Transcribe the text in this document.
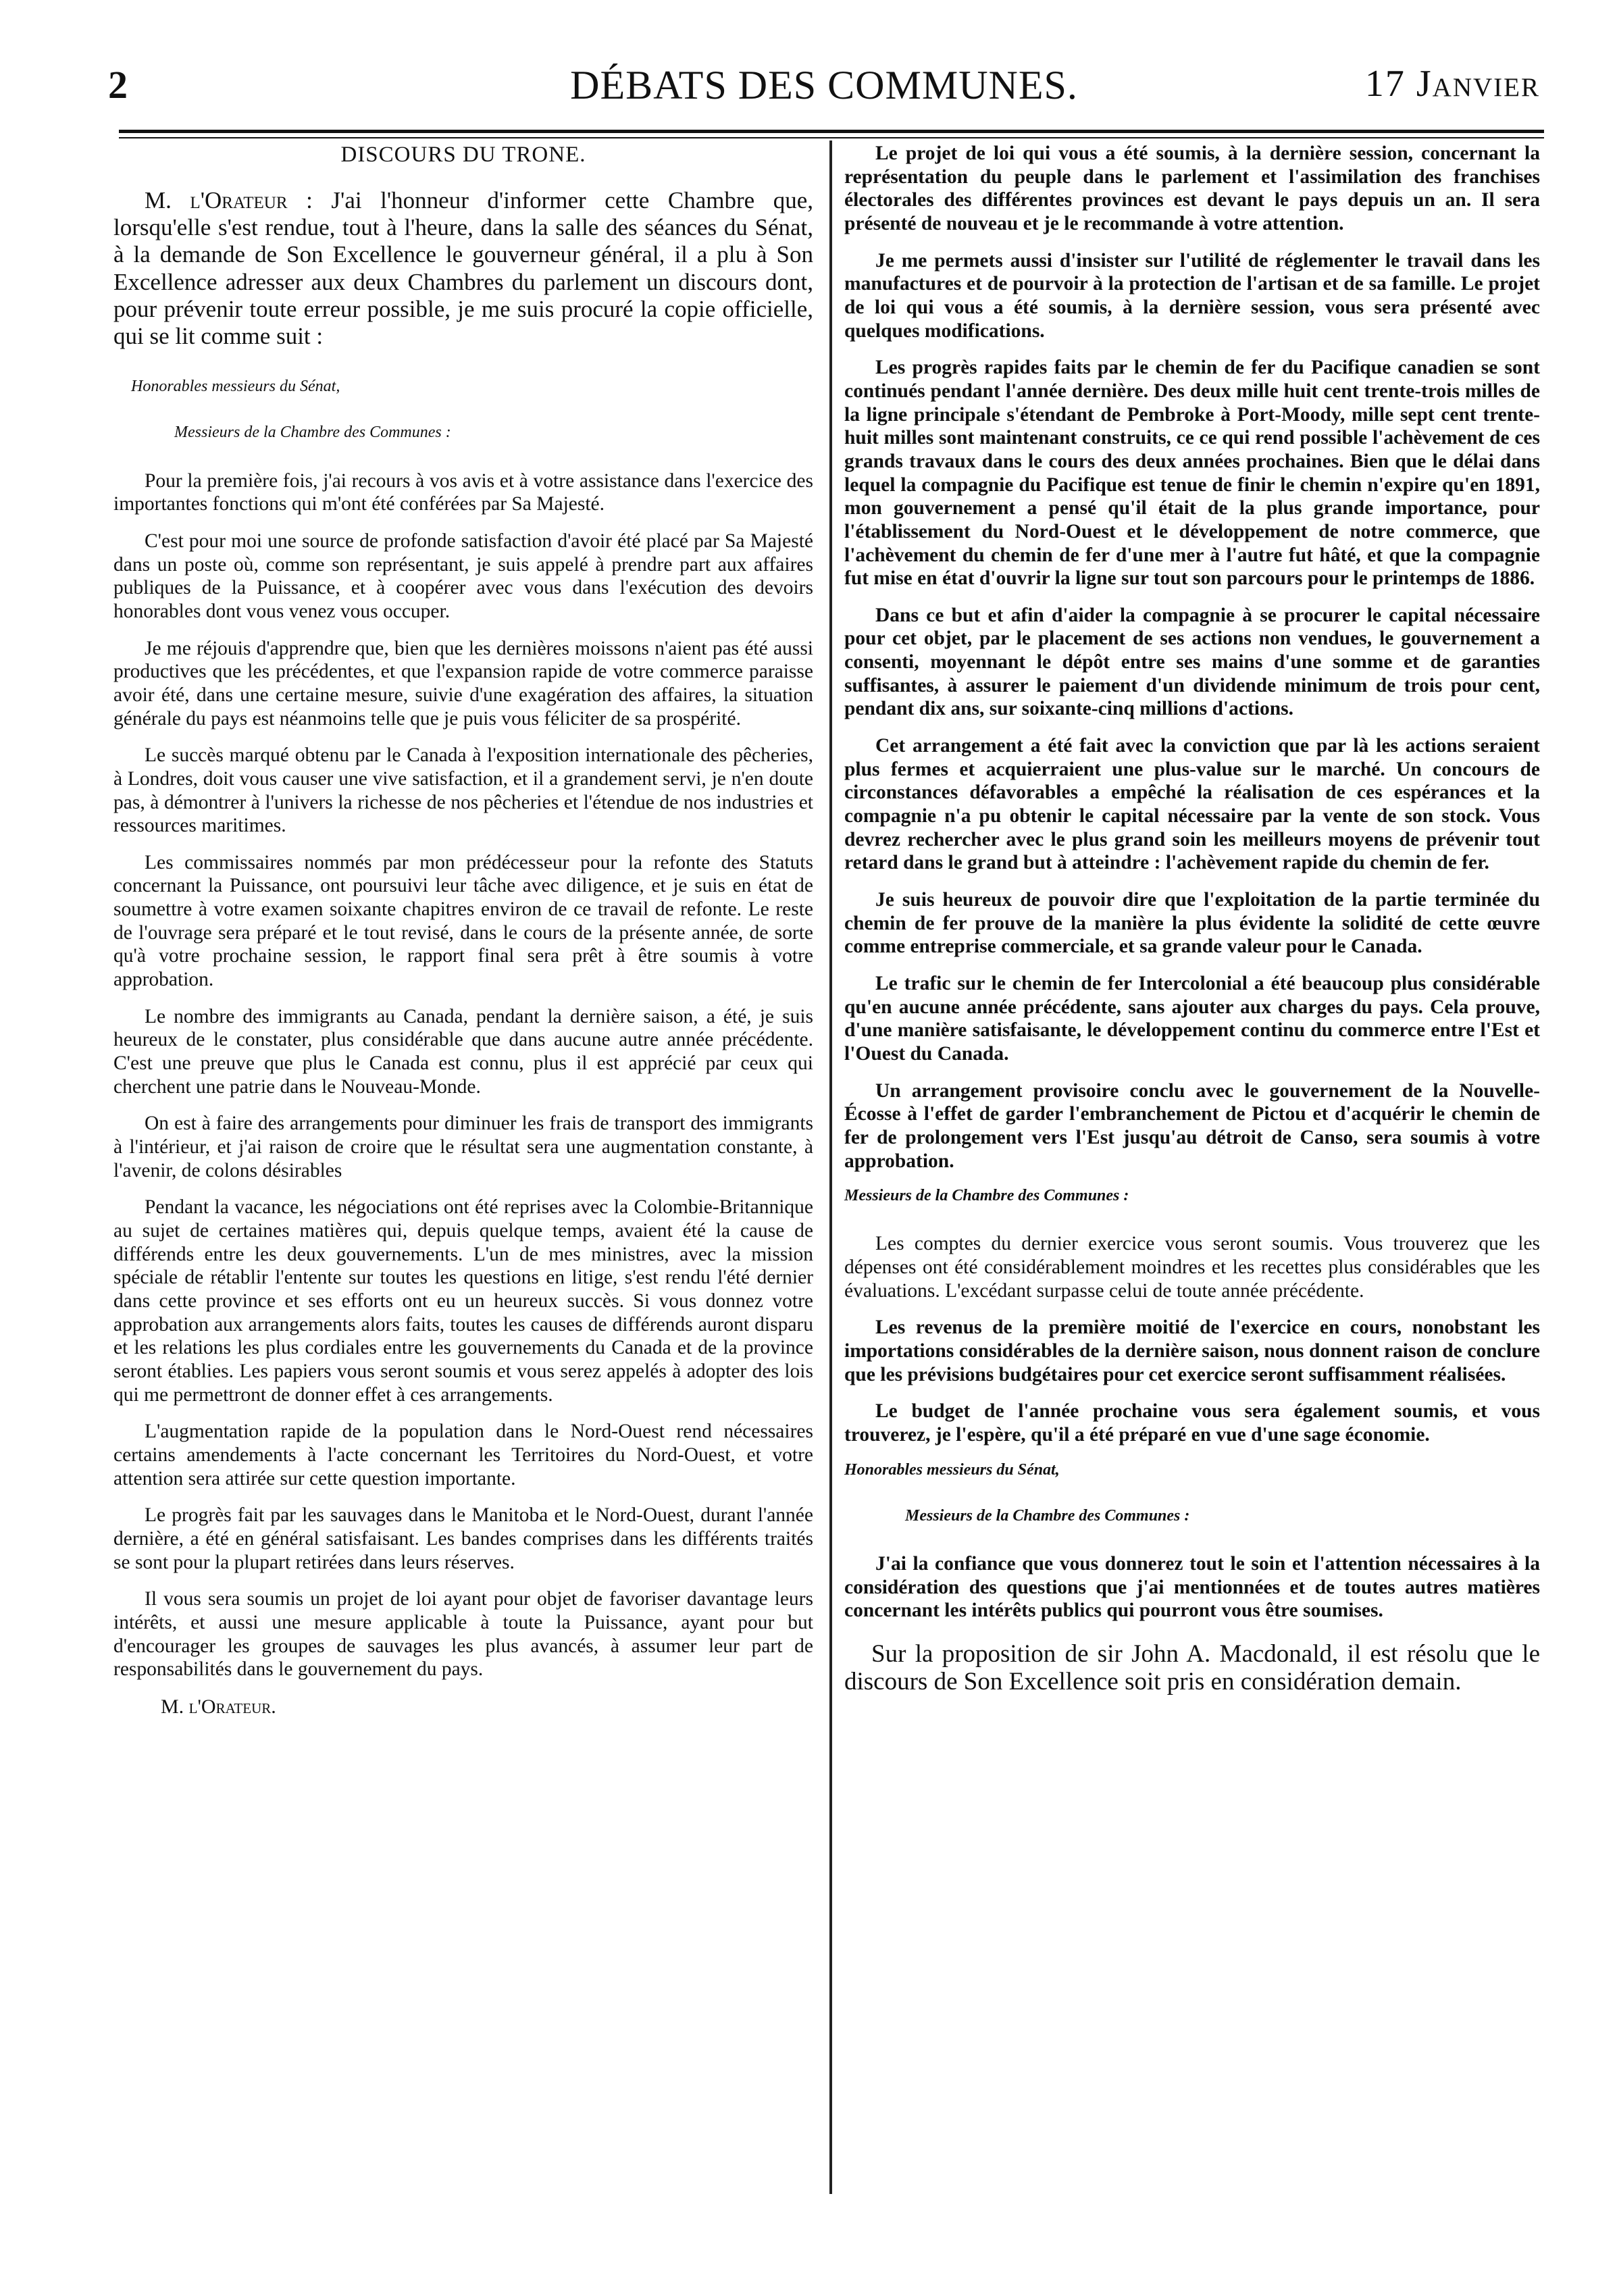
2	DÉBATS DES COMMUNES.	17 Janvier
DISCOURS DU TRONE.

M. l'Orateur : J'ai l'honneur d'informer cette Chambre que, lorsqu'elle s'est rendue, tout à l'heure, dans la salle des séances du Sénat, à la demande de Son Excellence le gouverneur général, il a plu à Son Excellence adresser aux deux Chambres du parlement un discours dont, pour prévenir toute erreur possible, je me suis procuré la copie officielle, qui se lit comme suit :

Honorables messieurs du Sénat,
Messieurs de la Chambre des Communes :

Pour la première fois, j'ai recours à vos avis et à votre assistance dans l'exercice des importantes fonctions qui m'ont été conférées par Sa Majesté.

C'est pour moi une source de profonde satisfaction d'avoir été placé par Sa Majesté dans un poste où, comme son représentant, je suis appelé à prendre part aux affaires publiques de la Puissance, et à coopérer avec vous dans l'exécution des devoirs honorables dont vous venez vous occuper.

Je me réjouis d'apprendre que, bien que les dernières moissons n'aient pas été aussi productives que les précédentes, et que l'expansion rapide de votre commerce paraisse avoir été, dans une certaine mesure, suivie d'une exagération des affaires, la situation générale du pays est néanmoins telle que je puis vous féliciter de sa prospérité.

Le succès marqué obtenu par le Canada à l'exposition internationale des pêcheries, à Londres, doit vous causer une vive satisfaction, et il a grandement servi, je n'en doute pas, à démontrer à l'univers la richesse de nos pêcheries et l'étendue de nos industries et ressources maritimes.

Les commissaires nommés par mon prédécesseur pour la refonte des Statuts concernant la Puissance, ont poursuivi leur tâche avec diligence, et je suis en état de soumettre à votre examen soixante chapitres environ de ce travail de refonte. Le reste de l'ouvrage sera préparé et le tout revisé, dans le cours de la présente année, de sorte qu'à votre prochaine session, le rapport final sera prêt à être soumis à votre approbation.

Le nombre des immigrants au Canada, pendant la dernière saison, a été, je suis heureux de le constater, plus considérable que dans aucune autre année précédente. C'est une preuve que plus le Canada est connu, plus il est apprécié par ceux qui cherchent une patrie dans le Nouveau-Monde.

On est à faire des arrangements pour diminuer les frais de transport des immigrants à l'intérieur, et j'ai raison de croire que le résultat sera une augmentation constante, à l'avenir, de colons désirables

Pendant la vacance, les négociations ont été reprises avec la Colombie-Britannique au sujet de certaines matières qui, depuis quelque temps, avaient été la cause de différends entre les deux gouvernements. L'un de mes ministres, avec la mission spéciale de rétablir l'entente sur toutes les questions en litige, s'est rendu l'été dernier dans cette province et ses efforts ont eu un heureux succès. Si vous donnez votre approbation aux arrangements alors faits, toutes les causes de différends auront disparu et les relations les plus cordiales entre les gouvernements du Canada et de la province seront établies. Les papiers vous seront soumis et vous serez appelés à adopter des lois qui me permettront de donner effet à ces arrangements.

L'augmentation rapide de la population dans le Nord-Ouest rend nécessaires certains amendements à l'acte concernant les Territoires du Nord-Ouest, et votre attention sera attirée sur cette question importante.

Le progrès fait par les sauvages dans le Manitoba et le Nord-Ouest, durant l'année dernière, a été en général satisfaisant. Les bandes comprises dans les différents traités se sont pour la plupart retirées dans leurs réserves.

Il vous sera soumis un projet de loi ayant pour objet de favoriser davantage leurs intérêts, et aussi une mesure applicable à toute la Puissance, ayant pour but d'encourager les groupes de sauvages les plus avancés, à assumer leur part de responsabilités dans le gouvernement du pays.

M. l'Orateur.

Le projet de loi qui vous a été soumis, à la dernière session, concernant la représentation du peuple dans le parlement et l'assimilation des franchises électorales des différentes provinces est devant le pays depuis un an. Il sera présenté de nouveau et je le recommande à votre attention.

Je me permets aussi d'insister sur l'utilité de réglementer le travail dans les manufactures et de pourvoir à la protection de l'artisan et de sa famille. Le projet de loi qui vous a été soumis, à la dernière session, vous sera présenté avec quelques modifications.

Les progrès rapides faits par le chemin de fer du Pacifique canadien se sont continués pendant l'année dernière. Des deux mille huit cent trente-trois milles de la ligne principale s'étendant de Pembroke à Port-Moody, mille sept cent trente-huit milles sont maintenant construits, ce ce qui rend possible l'achèvement de ces grands travaux dans le cours des deux années prochaines. Bien que le délai dans lequel la compagnie du Pacifique est tenue de finir le chemin n'expire qu'en 1891, mon gouvernement a pensé qu'il était de la plus grande importance, pour l'établissement du Nord-Ouest et le développement de notre commerce, que l'achèvement du chemin de fer d'une mer à l'autre fut hâté, et que la compagnie fut mise en état d'ouvrir la ligne sur tout son parcours pour le printemps de 1886.

Dans ce but et afin d'aider la compagnie à se procurer le capital nécessaire pour cet objet, par le placement de ses actions non vendues, le gouvernement a consenti, moyennant le dépôt entre ses mains d'une somme et de garanties suffisantes, à assurer le paiement d'un dividende minimum de trois pour cent, pendant dix ans, sur soixante-cinq millions d'actions.

Cet arrangement a été fait avec la conviction que par là les actions seraient plus fermes et acquierraient une plus-value sur le marché. Un concours de circonstances défavorables a empêché la réalisation de ces espérances et la compagnie n'a pu obtenir le capital nécessaire par la vente de son stock. Vous devrez rechercher avec le plus grand soin les meilleurs moyens de prévenir tout retard dans le grand but à atteindre : l'achèvement rapide du chemin de fer.

Je suis heureux de pouvoir dire que l'exploitation de la partie terminée du chemin de fer prouve de la manière la plus évidente la solidité de cette œuvre comme entreprise commerciale, et sa grande valeur pour le Canada.

Le trafic sur le chemin de fer Intercolonial a été beaucoup plus considérable qu'en aucune année précédente, sans ajouter aux charges du pays. Cela prouve, d'une manière satisfaisante, le développement continu du commerce entre l'Est et l'Ouest du Canada.

Un arrangement provisoire conclu avec le gouvernement de la Nouvelle-Écosse à l'effet de garder l'embranchement de Pictou et d'acquérir le chemin de fer de prolongement vers l'Est jusqu'au détroit de Canso, sera soumis à votre approbation.

Messieurs de la Chambre des Communes :

Les comptes du dernier exercice vous seront soumis. Vous trouverez que les dépenses ont été considérablement moindres et les recettes plus considérables que les évaluations. L'excédant surpasse celui de toute année précédente.

Les revenus de la première moitié de l'exercice en cours, nonobstant les importations considérables de la dernière saison, nous donnent raison de conclure que les prévisions budgétaires pour cet exercice seront suffisamment réalisées.

Le budget de l'année prochaine vous sera également soumis, et vous trouverez, je l'espère, qu'il a été préparé en vue d'une sage économie.

Honorables messieurs du Sénat,
Messieurs de la Chambre des Communes :

J'ai la confiance que vous donnerez tout le soin et l'attention nécessaires à la considération des questions que j'ai mentionnées et de toutes autres matières concernant les intérêts publics qui pourront vous être soumises.

Sur la proposition de sir John A. Macdonald, il est résolu que le discours de Son Excellence soit pris en considération demain.
